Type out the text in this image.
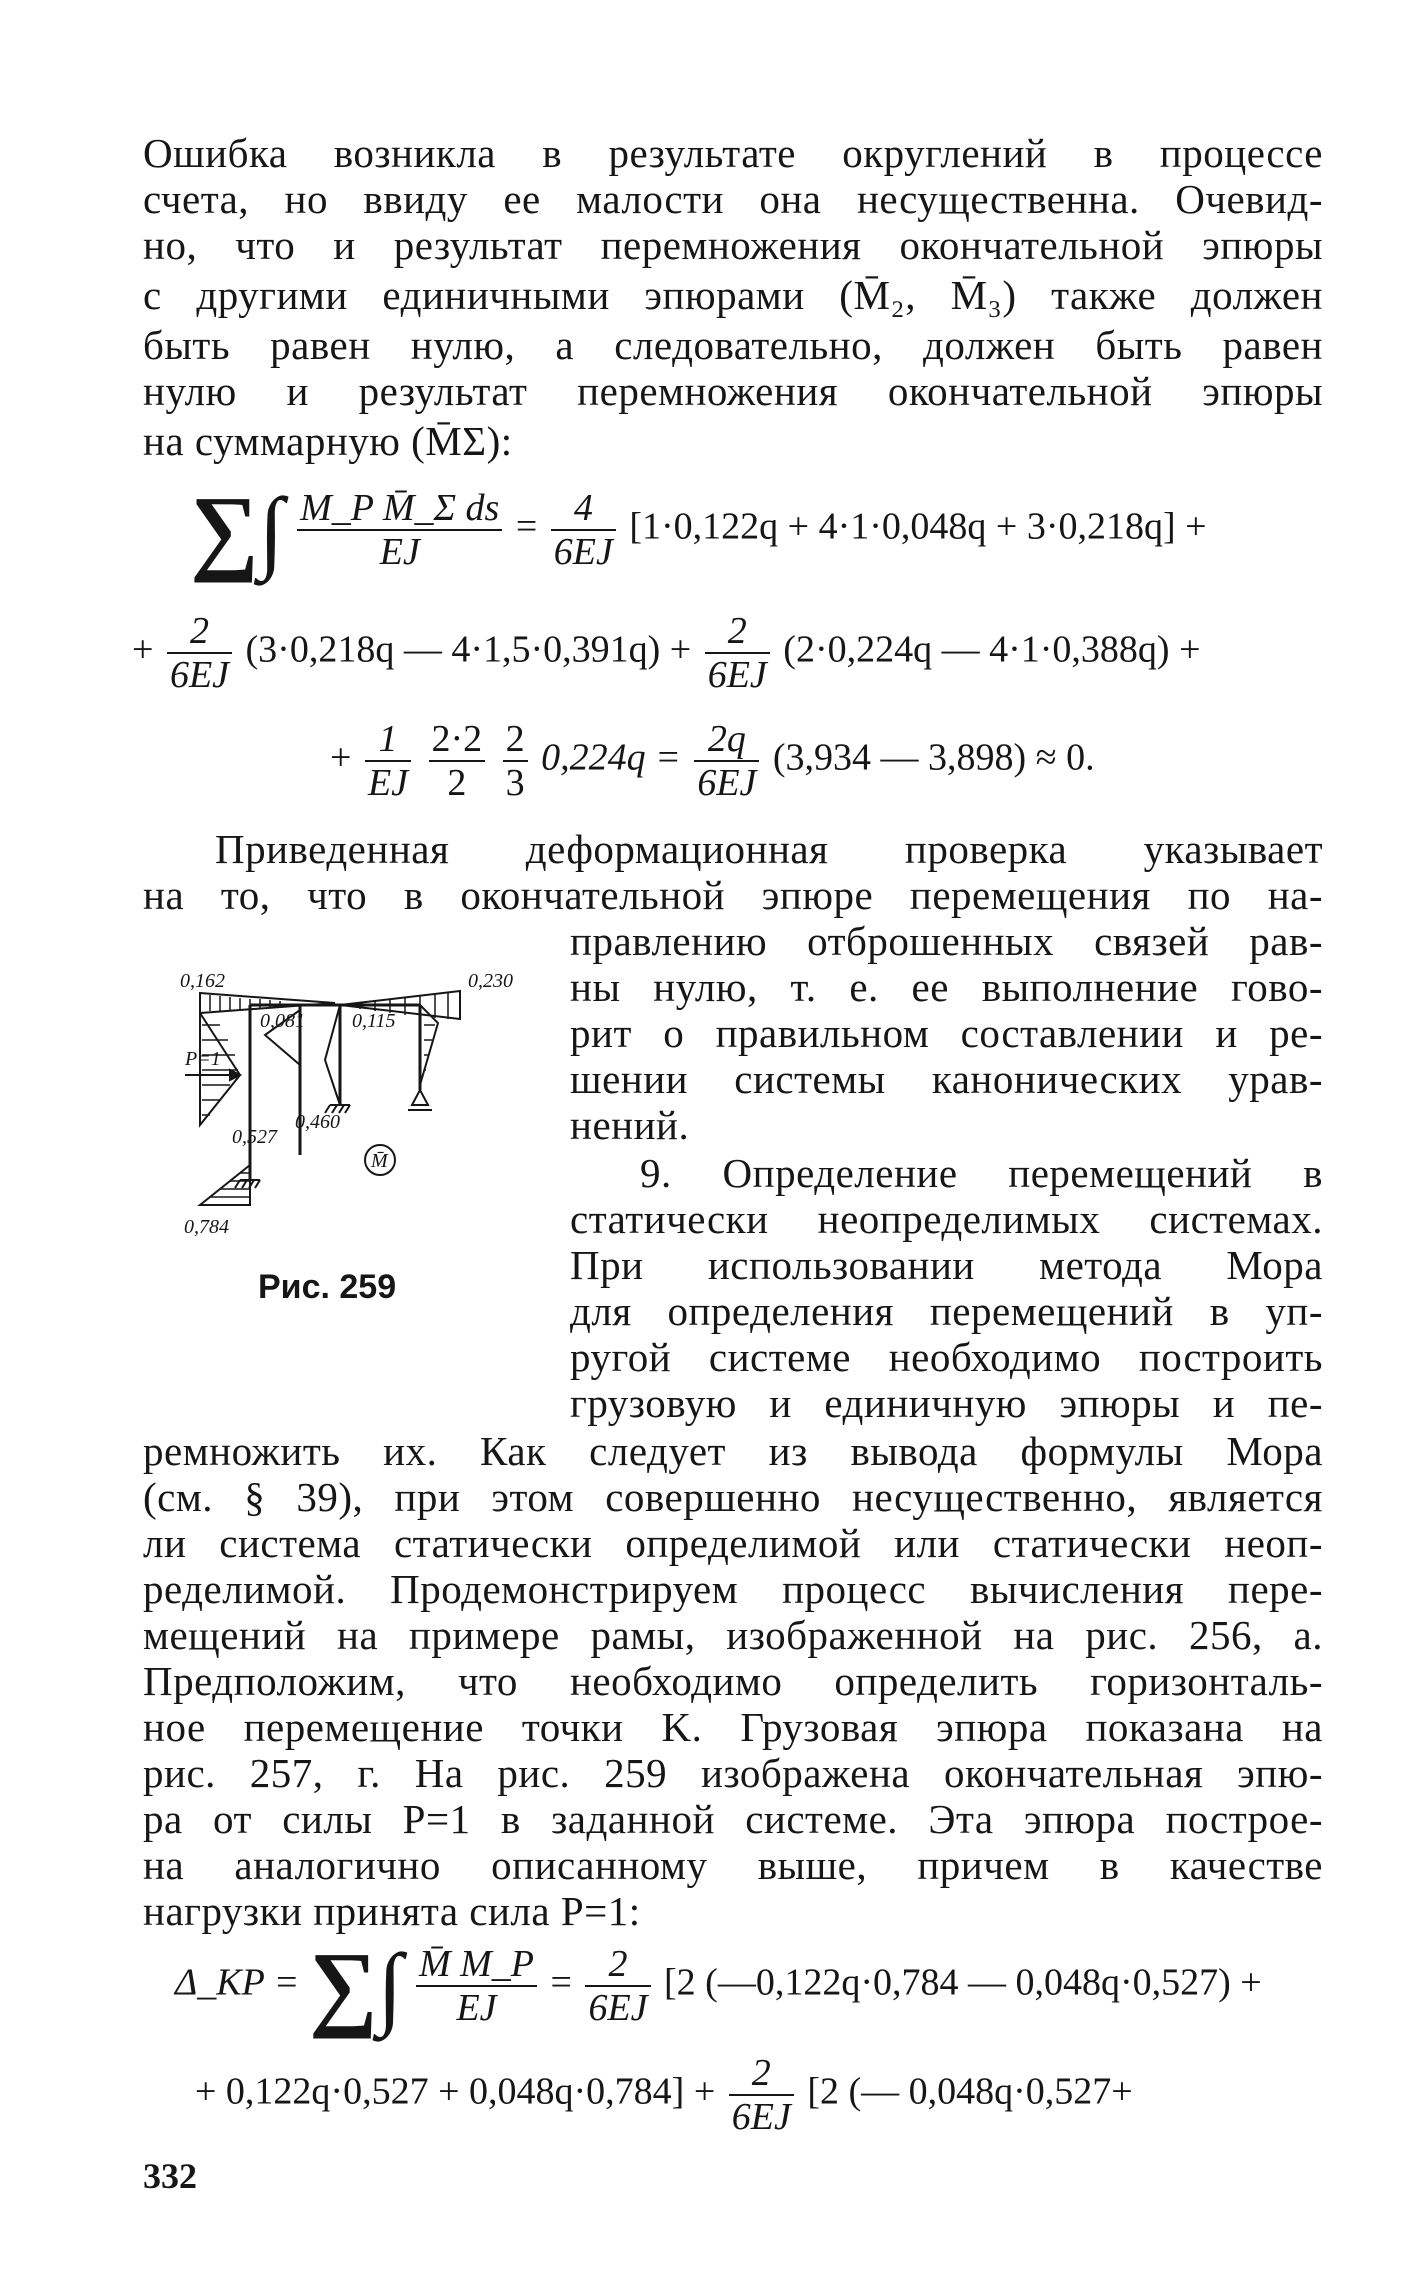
Ошибка возникла в результате округлений в процессе
счета, но ввиду ее малости она несущественна. Очевид-
но, что и результат перемножения окончательной эпюры
с другими единичными эпюрами (M̄₂, M̄₃) также должен
быть равен нулю, а следовательно, должен быть равен
нулю и результат перемножения окончательной эпюры
на суммарную (M̄Σ):
∑∫ $\frac{\text{M\_P M̄\_Σ ds}}{EJ} = \frac{4}{6EJ} [1\cdot 0,122q + 4\cdot 1\cdot 0,048q + 3\cdot 0,218q]$ +
+ $\frac{2}{6EJ} (3\cdot 0,218q$ — $4\cdot 1,5\cdot 0,391q) + \frac{2}{6EJ} (2\cdot 0,224q$ — 4·1·0,388q) +
+ $\frac{1}{EJ}$
$\frac{2\cdot 2}{2}$
$\frac{2}{3} 0,224q = \frac{2q}{6EJ} (3,934$ — 3,898) ≈ 0.
Приведенная деформационная проверка указывает
на то, что в окончательной эпюре перемещения по на-
правлению отброшенных связей рав-
ны нулю, т. е. ее выполнение гово-
рит о правильном составлении и ре-
шении системы канонических урав-
нений.
9. Определение перемещений в
статически неопределимых системах.
При использовании метода Мора
для определения перемещений в уп-
ругой системе необходимо построить
грузовую и единичную эпюры и пе-
ремножить их. Как следует из вывода формулы Мора
(см. § 39), при этом совершенно несущественно, является
ли система статически определимой или статически неоп-
ределимой. Продемонстрируем процесс вычисления пере-
мещений на примере рамы, изображенной на рис. 256, а.
Предположим, что необходимо определить горизонталь-
ное перемещение точки K. Грузовая эпюра показана на
рис. 257, г. На рис. 259 изображена окончательная эпю-
ра от силы P=1 в заданной системе. Эта эпюра построе-
на аналогично описанному выше, причем в качестве
нагрузки принята сила P=1:
M̄
0,162	0,230
0,081 0,115
P=1
0,460
0,527
0,784
Рис. 259
Δ_KP = ∑∫ $\frac{M̄ M\_P}{EJ} = \frac{2}{6EJ} [2$ (—0,122q·0,784 — 0,048q·0,527) +
+ $0,122q\cdot 0,527 + 0,048q\cdot 0,784] + \frac{2}{6EJ} [2$ (— 0,048q·0,527+
332
